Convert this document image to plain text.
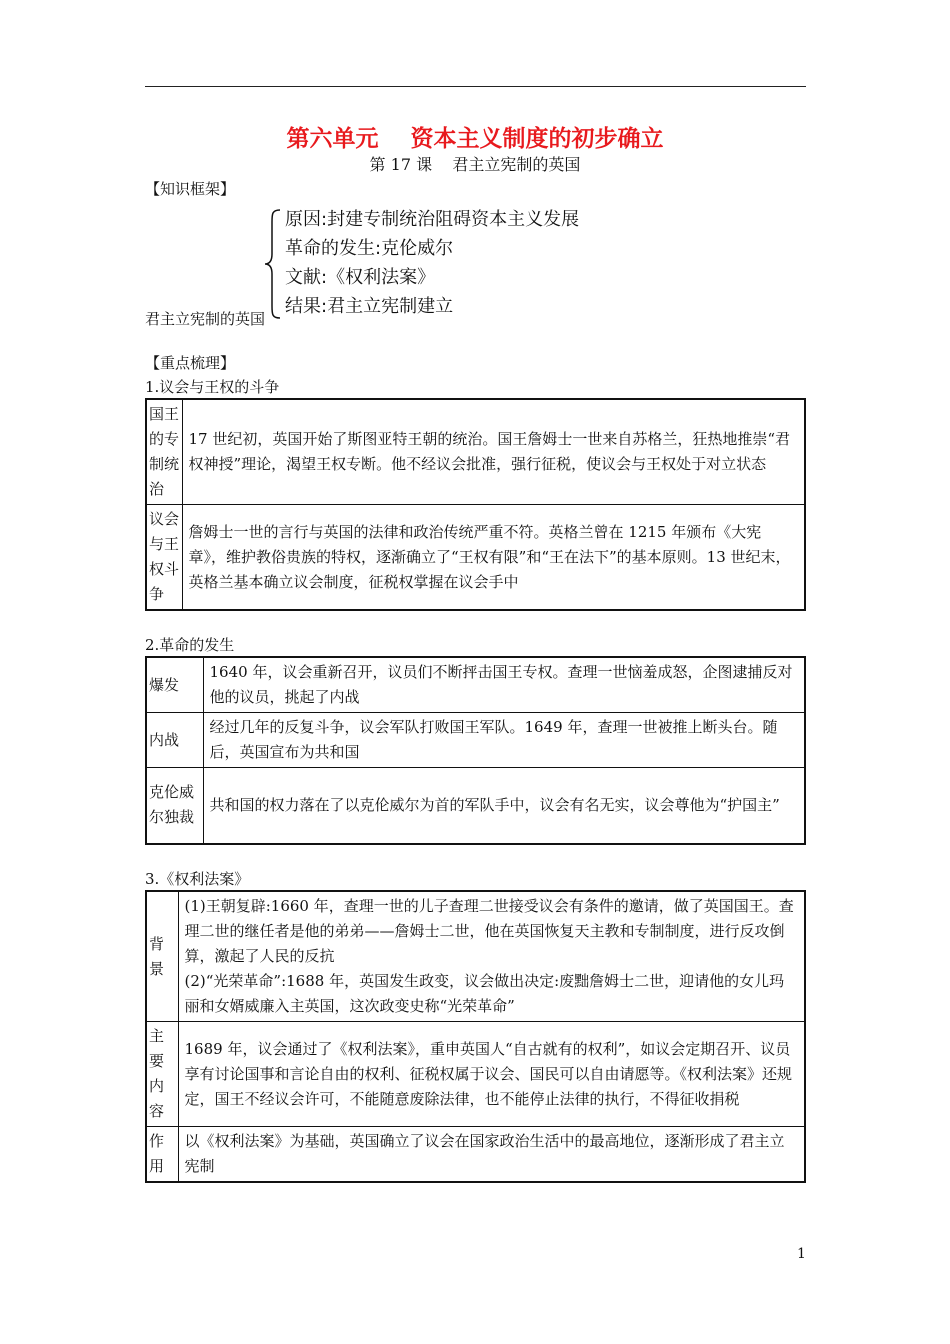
第六单元    资本主义制度的初步确立
第 17 课    君主立宪制的英国
【知识框架】
原因:封建专制统治阻碍资本主义发展
革命的发生:克伦威尔
文献:《权利法案》
结果:君主立宪制建立
君主立宪制的英国
【重点梳理】
1.议会与王权的斗争
国王的专制统治	17 世纪初，英国开始了斯图亚特王朝的统治。国王詹姆士一世来自苏格兰，狂热地推崇“君权神授”理论，渴望王权专断。他不经议会批准，强行征税，使议会与王权处于对立状态
议会与王权斗争	詹姆士一世的言行与英国的法律和政治传统严重不符。英格兰曾在 1215 年颁布《大宪章》，维护教俗贵族的特权，逐渐确立了“王权有限”和“王在法下”的基本原则。13 世纪末，英格兰基本确立议会制度，征税权掌握在议会手中
2.革命的发生
爆发	1640 年，议会重新召开，议员们不断抨击国王专权。查理一世恼羞成怒，企图逮捕反对他的议员，挑起了内战
内战	经过几年的反复斗争，议会军队打败国王军队。1649 年，查理一世被推上断头台。随后，英国宣布为共和国
克伦威尔独裁	共和国的权力落在了以克伦威尔为首的军队手中，议会有名无实，议会尊他为“护国主”
3.《权利法案》
背景	(1)王朝复辟:1660 年，查理一世的儿子查理二世接受议会有条件的邀请，做了英国国王。查理二世的继任者是他的弟弟——詹姆士二世，他在英国恢复天主教和专制制度，进行反攻倒算，激起了人民的反抗
(2)“光荣革命”:1688 年，英国发生政变，议会做出决定:废黜詹姆士二世，迎请他的女儿玛丽和女婿威廉入主英国，这次政变史称“光荣革命”

主要内容	1689 年，议会通过了《权利法案》，重申英国人“自古就有的权利”，如议会定期召开、议员享有讨论国事和言论自由的权利、征税权属于议会、国民可以自由请愿等。《权利法案》还规定，国王不经议会许可，不能随意废除法律，也不能停止法律的执行，不得征收捐税
作用	以《权利法案》为基础，英国确立了议会在国家政治生活中的最高地位，逐渐形成了君主立宪制
1
